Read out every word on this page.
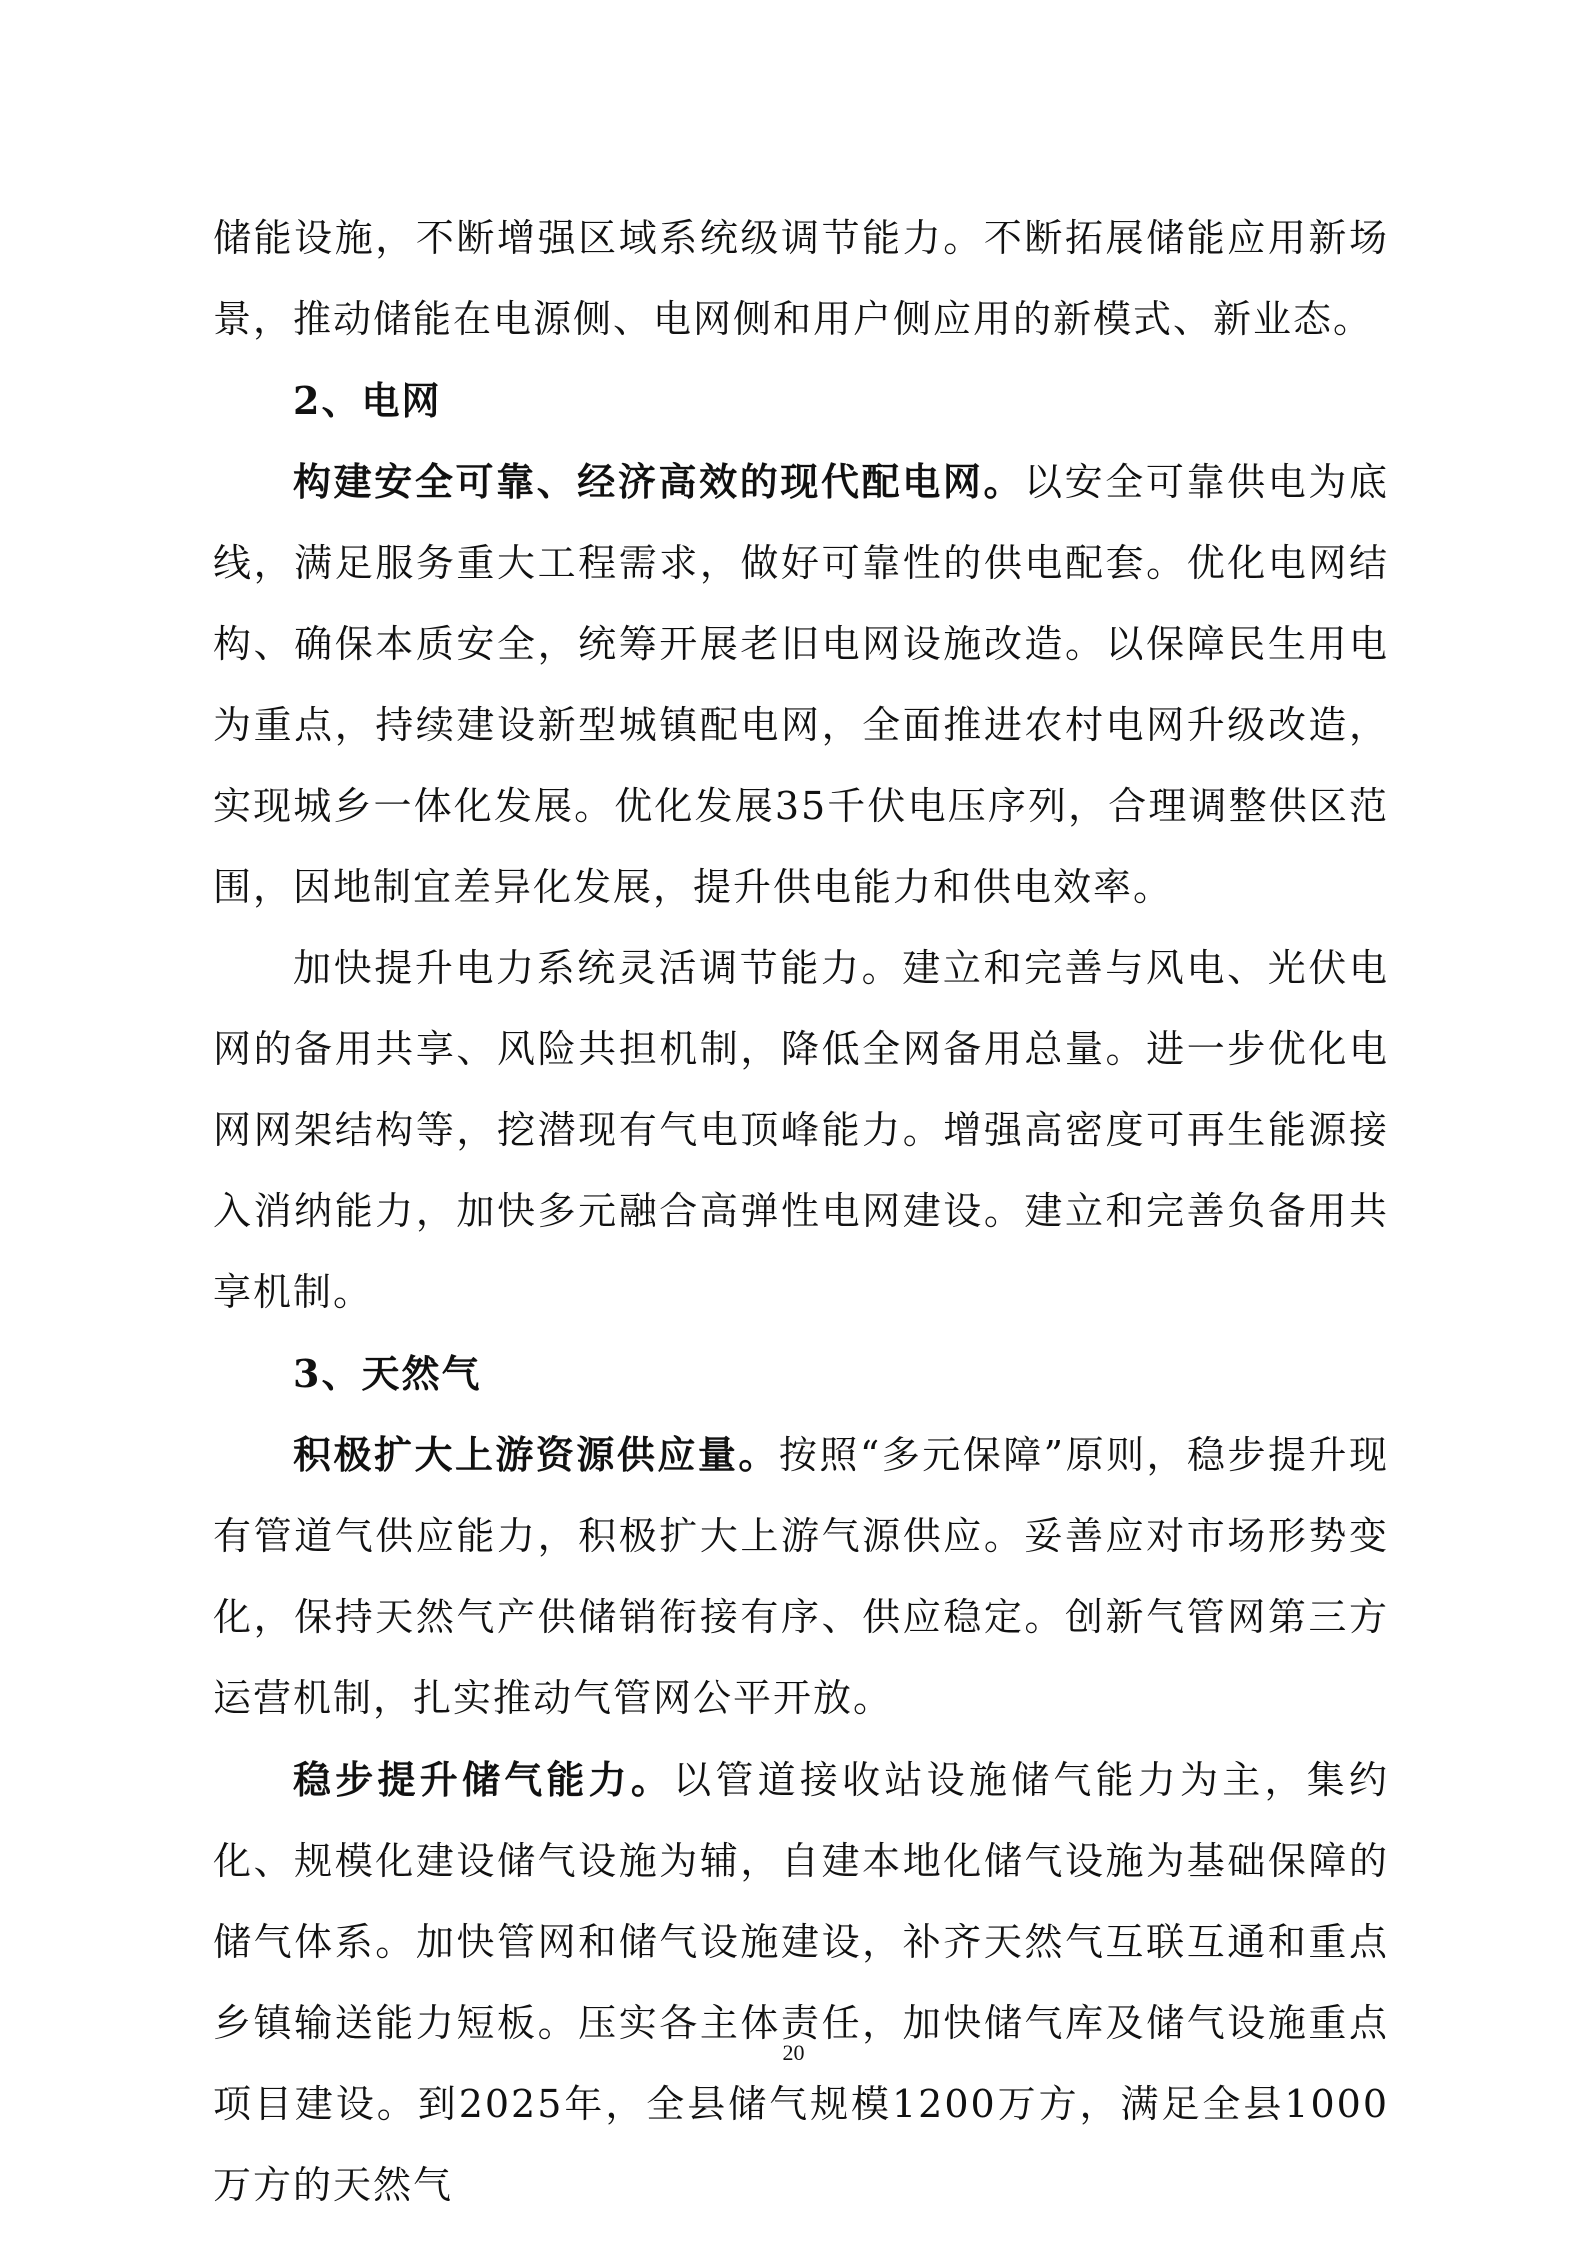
储能设施，不断增强区域系统级调节能力。不断拓展储能应用新场景，推动储能在电源侧、电网侧和用户侧应用的新模式、新业态。

2、电网

构建安全可靠、经济高效的现代配电网。以安全可靠供电为底线，满足服务重大工程需求，做好可靠性的供电配套。优化电网结构、确保本质安全，统筹开展老旧电网设施改造。以保障民生用电为重点，持续建设新型城镇配电网，全面推进农村电网升级改造，实现城乡一体化发展。优化发展35千伏电压序列，合理调整供区范围，因地制宜差异化发展，提升供电能力和供电效率。

加快提升电力系统灵活调节能力。建立和完善与风电、光伏电网的备用共享、风险共担机制，降低全网备用总量。进一步优化电网网架结构等，挖潜现有气电顶峰能力。增强高密度可再生能源接入消纳能力，加快多元融合高弹性电网建设。建立和完善负备用共享机制。

3、天然气

积极扩大上游资源供应量。按照“多元保障”原则，稳步提升现有管道气供应能力，积极扩大上游气源供应。妥善应对市场形势变化，保持天然气产供储销衔接有序、供应稳定。创新气管网第三方运营机制，扎实推动气管网公平开放。

稳步提升储气能力。以管道接收站设施储气能力为主，集约化、规模化建设储气设施为辅，自建本地化储气设施为基础保障的储气体系。加快管网和储气设施建设，补齐天然气互联互通和重点乡镇输送能力短板。压实各主体责任，加快储气库及储气设施重点项目建设。到2025年，全县储气规模1200万方，满足全县1000万方的天然气

20
